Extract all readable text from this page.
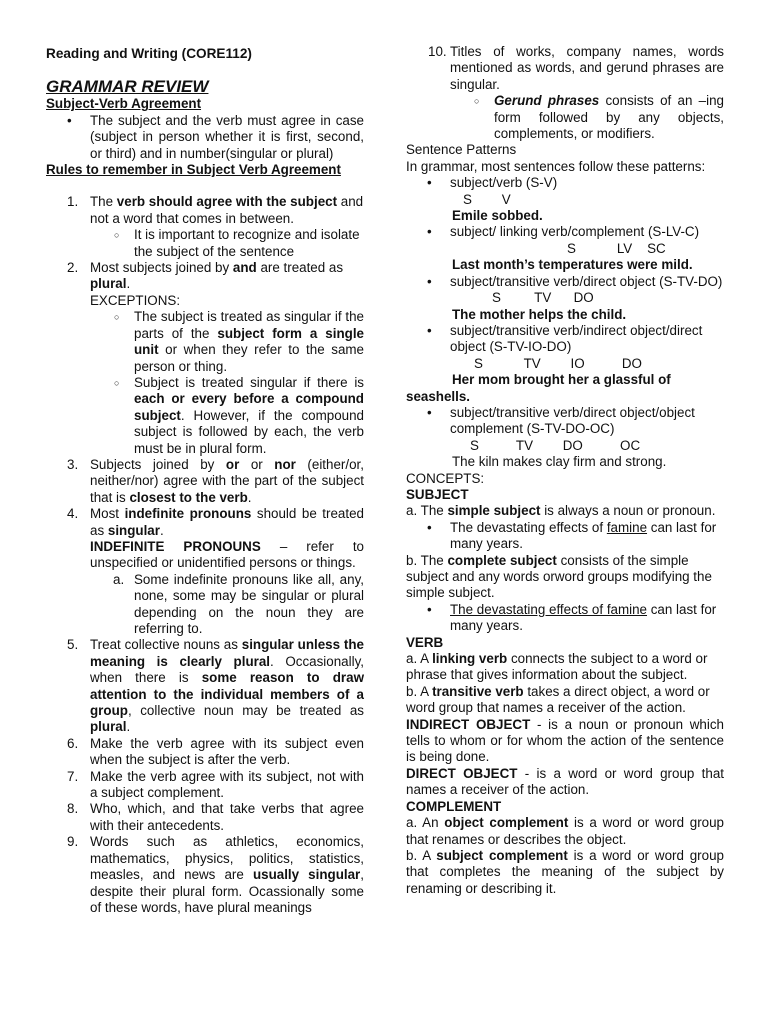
Reading and Writing (CORE112)

GRAMMAR REVIEW

Subject-Verb Agreement

• The subject and the verb must agree in case (subject in person whether it is first, second, or third) and in number(singular or plural)

Rules to remember in Subject Verb Agreement

1. The verb should agree with the subject and not a word that comes in between.
○ It is important to recognize and isolate the subject of the sentence
2. Most subjects joined by and are treated as plural.

EXCEPTIONS:

○ The subject is treated as singular if the parts of the subject form a single unit or when they refer to the same person or thing.
○ Subject is treated singular if there is each or every before a compound subject. However, if the compound subject is followed by each, the verb must be in plural form.
3. Subjects joined by or or nor (either/or, neither/nor) agree with the part of the subject that is closest to the verb.
4. Most indefinite pronouns should be treated as singular.

INDEFINITE PRONOUNS – refer to unspecified or unidentified persons or things.

a. Some indefinite pronouns like all, any, none, some may be singular or plural depending on the noun they are referring to.
5. Treat collective nouns as singular unless the meaning is clearly plural. Occasionally, when there is some reason to draw attention to the individual members of a group, collective noun may be treated as plural.
6. Make the verb agree with its subject even when the subject is after the verb.
7. Make the verb agree with its subject, not with a subject complement.
8. Who, which, and that take verbs that agree with their antecedents.
9. Words such as athletics, economics, mathematics, physics, politics, statistics, measles, and news are usually singular, despite their plural form. Ocassionally some of these words, have plural meanings
10. Titles of works, company names, words mentioned as words, and gerund phrases are singular.
○ Gerund phrases consists of an –ing form followed by any objects, complements, or modifiers.

Sentence Patterns

In grammar, most sentences follow these patterns:

• subject/verb (S-V)

S        V

Emile sobbed.

• subject/ linking verb/complement (S-LV-C)

S           LV    SC

Last month’s temperatures were mild.

• subject/transitive verb/direct object (S-TV-DO)

S         TV      DO

The mother helps the child.

• subject/transitive verb/indirect object/direct object (S-TV-IO-DO)

S           TV        IO          DO

Her mom brought her a glassful of seashells.

• subject/transitive verb/direct object/object complement (S-TV-DO-OC)

S          TV        DO          OC

The kiln makes clay firm and strong.

CONCEPTS:

SUBJECT

a. The simple subject is always a noun or pronoun.

• The devastating effects of famine can last for many years.

b. The complete subject consists of the simple subject and any words orword groups modifying the simple subject.

• The devastating effects of famine can last for many years.

VERB

a. A linking verb connects the subject to a word or phrase that gives information about the subject.

b. A transitive verb takes a direct object, a word or word group that names a receiver of the action.

INDIRECT OBJECT - is a noun or pronoun which tells to whom or for whom the action of the sentence is being done.

DIRECT OBJECT - is a word or word group that names a receiver of the action.

COMPLEMENT

a. An object complement is a word or word group that renames or describes the object.

b. A subject complement is a word or word group that completes the meaning of the subject by renaming or describing it.
